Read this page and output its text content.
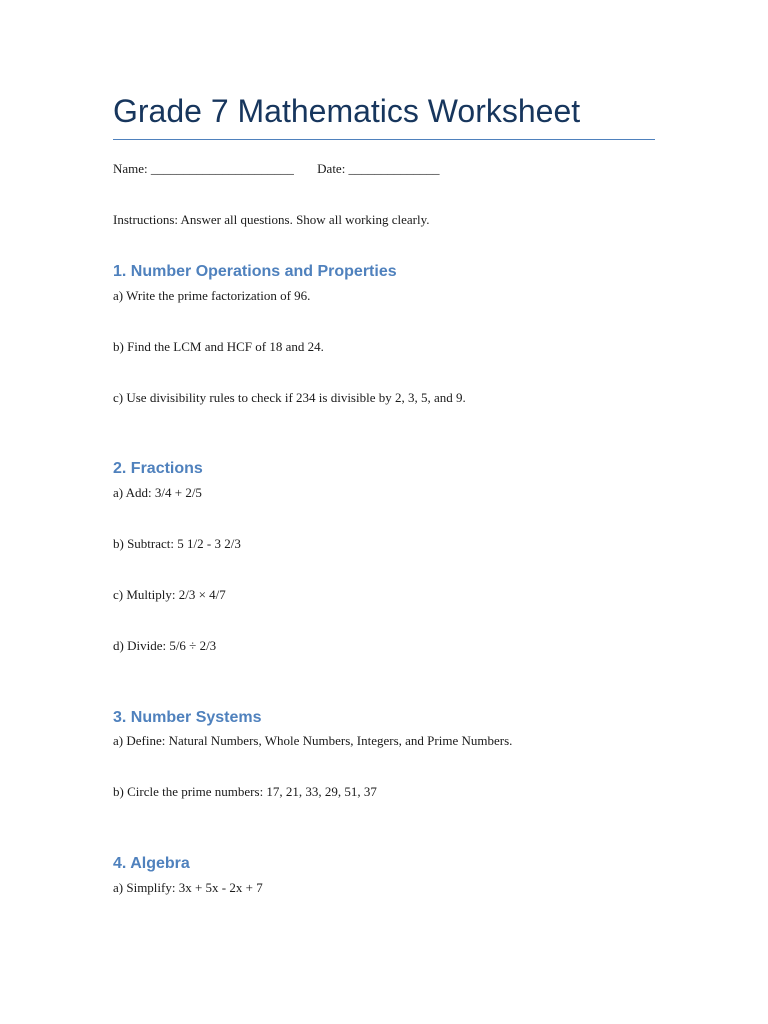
Grade 7 Mathematics Worksheet
Name: ______________________ Date: ______________
Instructions: Answer all questions. Show all working clearly.
1. Number Operations and Properties
a) Write the prime factorization of 96.
b) Find the LCM and HCF of 18 and 24.
c) Use divisibility rules to check if 234 is divisible by 2, 3, 5, and 9.
2. Fractions
a) Add: 3/4 + 2/5
b) Subtract: 5 1/2 - 3 2/3
c) Multiply: 2/3 × 4/7
d) Divide: 5/6 ÷ 2/3
3. Number Systems
a) Define: Natural Numbers, Whole Numbers, Integers, and Prime Numbers.
b) Circle the prime numbers: 17, 21, 33, 29, 51, 37
4. Algebra
a) Simplify: 3x + 5x - 2x + 7
